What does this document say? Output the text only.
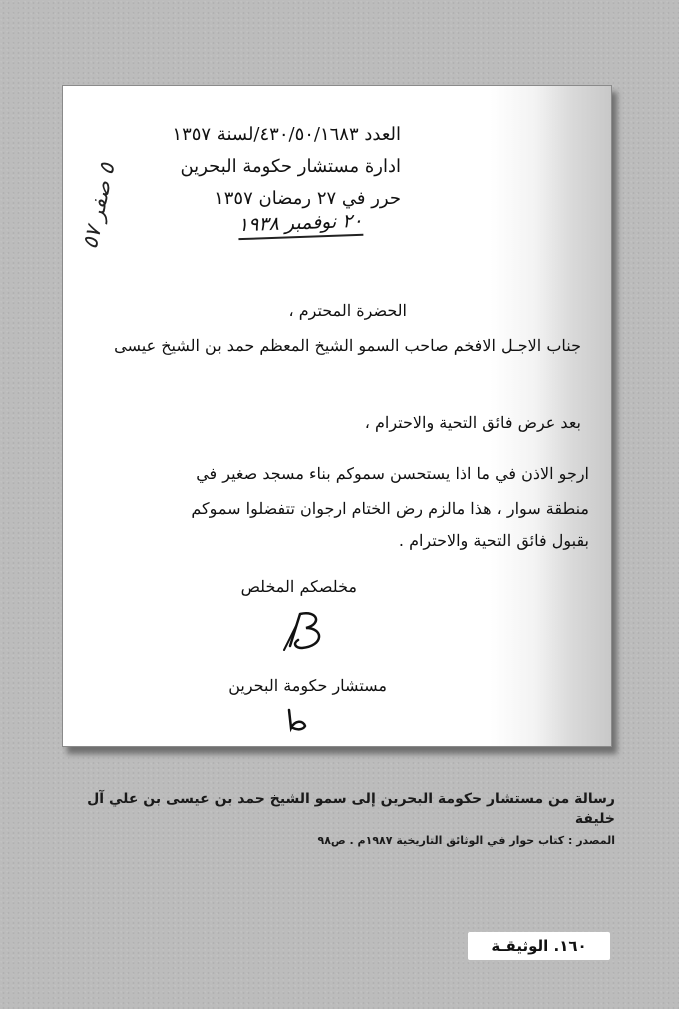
٥ صفر ٥٧
العدد ٤٣٠/٥٠/١٦٨٣/لسنة ١٣٥٧
ادارة مستشار حكومة البحرين
حرر في ٢٧ رمضان ١٣٥٧
٢٠ نوفمبر ١٩٣٨
الحضرة المحترم ،
جناب الاجـل الافخم صاحب السمو الشيخ المعظم حمد بن الشيخ عيسى
بعد عرض فائق التحية والاحترام ،
ارجو الاذن في ما اذا يستحسن سموكم بناء مسجد صغير في
منطقة سوار ، هذا مالزم رض الختام ارجوان تتفضلوا سموكم
بقبول فائق التحية والاحترام .
مخلصكم المخلص
مستشار حكومة البحرين

رسالة من مستشار حكومة البحرين إلى سمو الشيخ حمد بن عيسى بن علي آل خليفة

المصدر : كتاب حوار في الوثائق التاريخية ١٩٨٧م . ص٩٨

١٦٠. الوثيقـة
